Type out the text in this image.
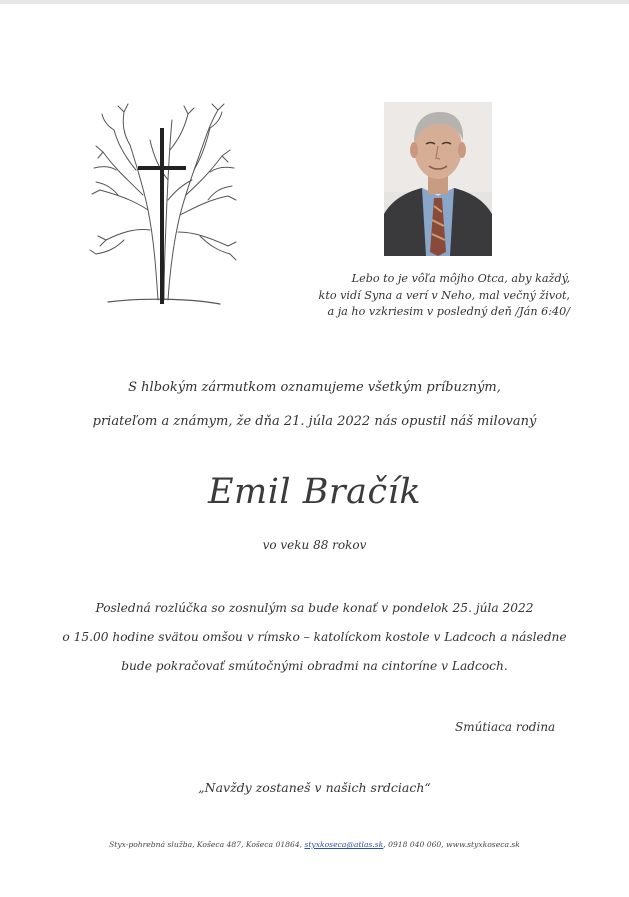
Lebo to je vôľa môjho Otca, aby každý,
kto vidí Syna a verí v Neho, mal večný život,
a ja ho vzkriesim v posledný deň /Ján 6:40/
S hlbokým zármutkom oznamujeme všetkým príbuzným,
priateľom a známym, že dňa 21. júla 2022 nás opustil náš milovaný
Emil Bračík
vo veku 88 rokov
Posledná rozlúčka so zosnulým sa bude konať v pondelok 25. júla 2022
o 15.00 hodine svätou omšou v rímsko – katolíckom kostole v Ladcoch a následne
bude pokračovať smútočnými obradmi na cintoríne v Ladcoch.
Smútiaca rodina
„Navždy zostaneš v našich srdciach“
Styx-pohrebná služba, Košeca 487, Košeca 01864, styxkoseca@atlas.sk, 0918 040 060, www.styxkoseca.sk
